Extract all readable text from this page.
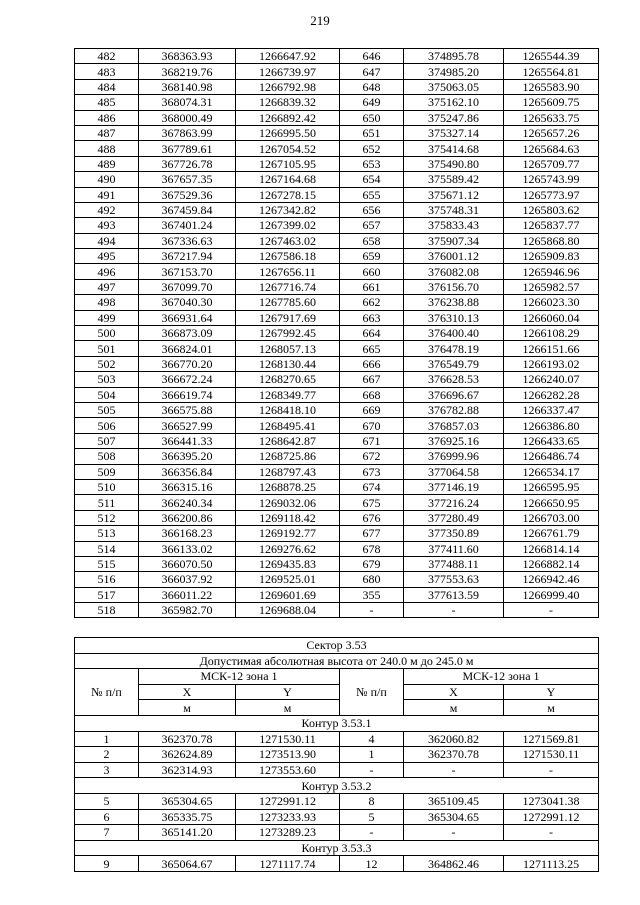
219
482	368363.93	1266647.92	646	374895.78	1265544.39
483	368219.76	1266739.97	647	374985.20	1265564.81
484	368140.98	1266792.98	648	375063.05	1265583.90
485	368074.31	1266839.32	649	375162.10	1265609.75
486	368000.49	1266892.42	650	375247.86	1265633.75
487	367863.99	1266995.50	651	375327.14	1265657.26
488	367789.61	1267054.52	652	375414.68	1265684.63
489	367726.78	1267105.95	653	375490.80	1265709.77
490	367657.35	1267164.68	654	375589.42	1265743.99
491	367529.36	1267278.15	655	375671.12	1265773.97
492	367459.84	1267342.82	656	375748.31	1265803.62
493	367401.24	1267399.02	657	375833.43	1265837.77
494	367336.63	1267463.02	658	375907.34	1265868.80
495	367217.94	1267586.18	659	376001.12	1265909.83
496	367153.70	1267656.11	660	376082.08	1265946.96
497	367099.70	1267716.74	661	376156.70	1265982.57
498	367040.30	1267785.60	662	376238.88	1266023.30
499	366931.64	1267917.69	663	376310.13	1266060.04
500	366873.09	1267992.45	664	376400.40	1266108.29
501	366824.01	1268057.13	665	376478.19	1266151.66
502	366770.20	1268130.44	666	376549.79	1266193.02
503	366672.24	1268270.65	667	376628.53	1266240.07
504	366619.74	1268349.77	668	376696.67	1266282.28
505	366575.88	1268418.10	669	376782.88	1266337.47
506	366527.99	1268495.41	670	376857.03	1266386.80
507	366441.33	1268642.87	671	376925.16	1266433.65
508	366395.20	1268725.86	672	376999.96	1266486.74
509	366356.84	1268797.43	673	377064.58	1266534.17
510	366315.16	1268878.25	674	377146.19	1266595.95
511	366240.34	1269032.06	675	377216.24	1266650.95
512	366200.86	1269118.42	676	377280.49	1266703.00
513	366168.23	1269192.77	677	377350.89	1266761.79
514	366133.02	1269276.62	678	377411.60	1266814.14
515	366070.50	1269435.83	679	377488.11	1266882.14
516	366037.92	1269525.01	680	377553.63	1266942.46
517	366011.22	1269601.69	355	377613.59	1266999.40
518	365982.70	1269688.04	-	-	-
Сектор 3.53					
Допустимая абсолютная высота от 240.0 м до 245.0 м					
№ п/п	МСК-12 зона 1		№ п/п	МСК-12 зона 1	
	X	Y		X	Y
	м	м		м	м
Контур 3.53.1					
1	362370.78	1271530.11	4	362060.82	1271569.81
2	362624.89	1273513.90	1	362370.78	1271530.11
3	362314.93	1273553.60	-	-	-
Контур 3.53.2					
5	365304.65	1272991.12	8	365109.45	1273041.38
6	365335.75	1273233.93	5	365304.65	1272991.12
7	365141.20	1273289.23	-	-	-
Контур 3.53.3					
9	365064.67	1271117.74	12	364862.46	1271113.25
